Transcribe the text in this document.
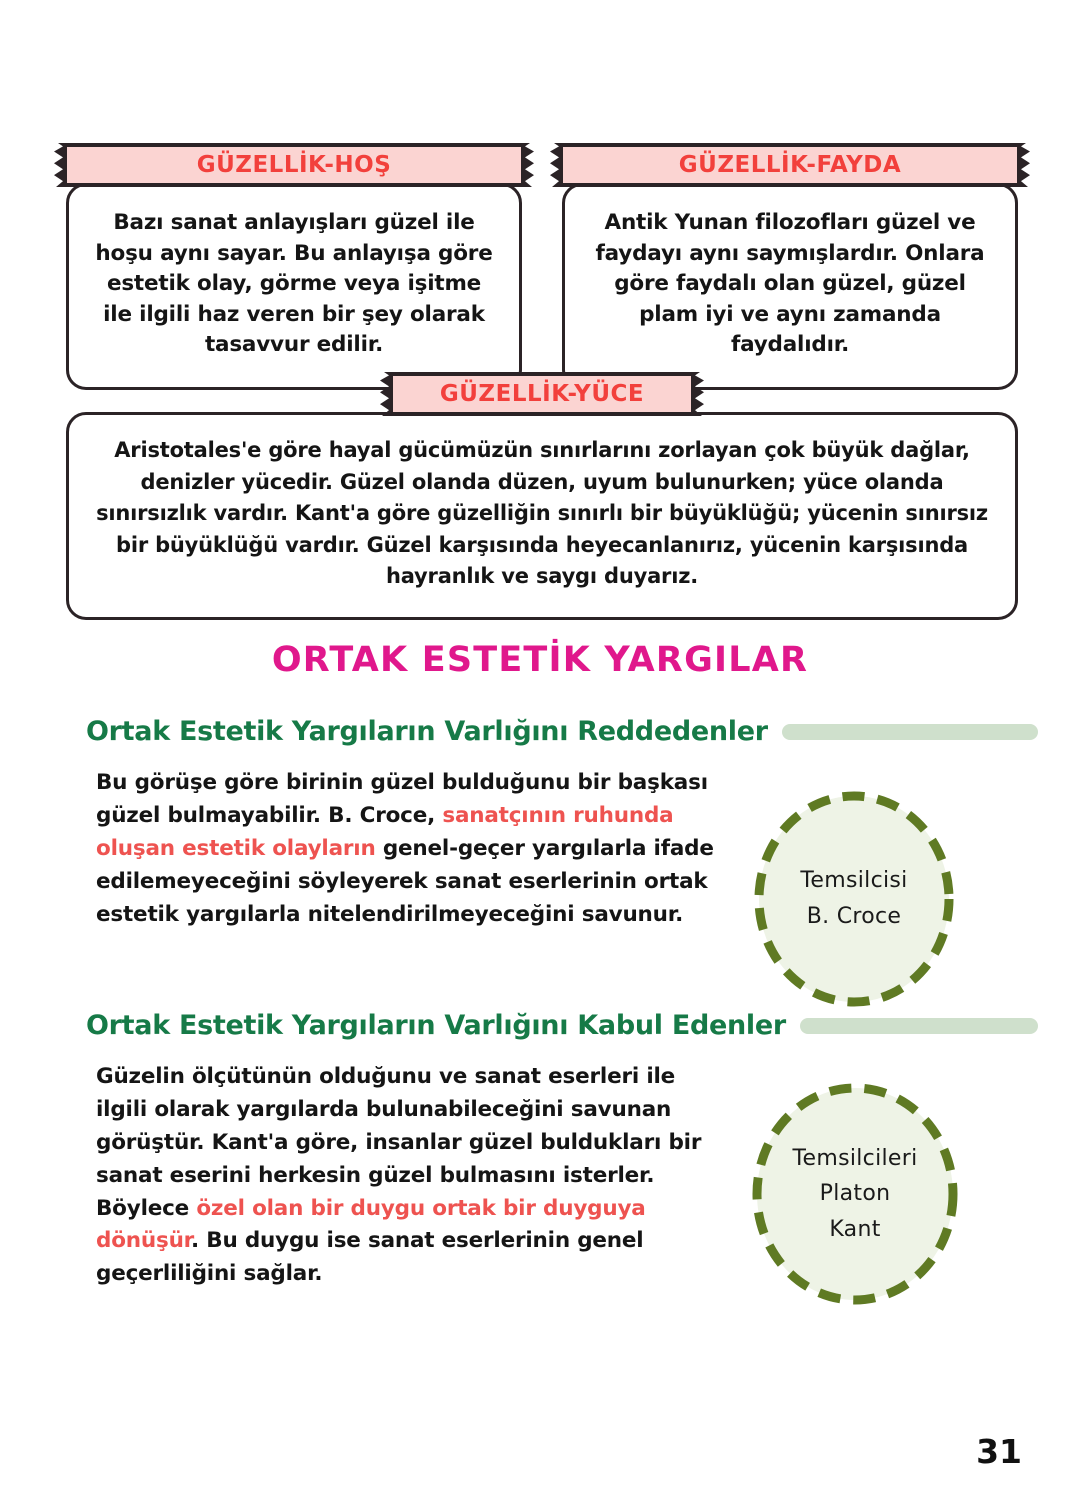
GÜZELLİK-HOŞ

Bazı sanat anlayışları güzel ile hoşu aynı sayar. Bu anlayışa göre estetik olay, görme veya işitme ile ilgili haz veren bir şey olarak tasavvur edilir.

GÜZELLİK-FAYDA

Antik Yunan filozofları güzel ve faydayı aynı saymışlardır. Onlara göre faydalı olan güzel, güzel plam iyi ve aynı zamanda faydalıdır.

GÜZELLİK-YÜCE

Aristotales'e göre hayal gücümüzün sınırlarını zorlayan çok büyük dağlar, denizler yücedir. Güzel olanda düzen, uyum bulunurken; yüce olanda sınırsızlık vardır. Kant'a göre güzelliğin sınırlı bir büyüklüğü; yücenin sınırsız bir büyüklüğü vardır. Güzel karşısında heyecanlanırız, yücenin karşısında hayranlık ve saygı duyarız.

ORTAK ESTETİK YARGILAR
Ortak Estetik Yargıların Varlığını Reddedenler
Bu görüşe göre birinin güzel bulduğunu bir başkası güzel bulmayabilir. B. Croce, sanatçının ruhunda oluşan estetik olayların genel-geçer yargılarla ifade edilemeyeceğini söyleyerek sanat eserlerinin ortak estetik yargılarla nitelendirilmeyeceğini savunur.
Temsilcisi
B. Croce
Ortak Estetik Yargıların Varlığını Kabul Edenler
Güzelin ölçütünün olduğunu ve sanat eserleri ile ilgili olarak yargılarda bulunabileceğini savunan görüştür. Kant'a göre, insanlar güzel buldukları bir sanat eserini herkesin güzel bulmasını isterler. Böylece özel olan bir duygu ortak bir duyguya dönüşür. Bu duygu ise sanat eserlerinin genel geçerliliğini sağlar.
Temsilcileri
Platon
Kant
31
